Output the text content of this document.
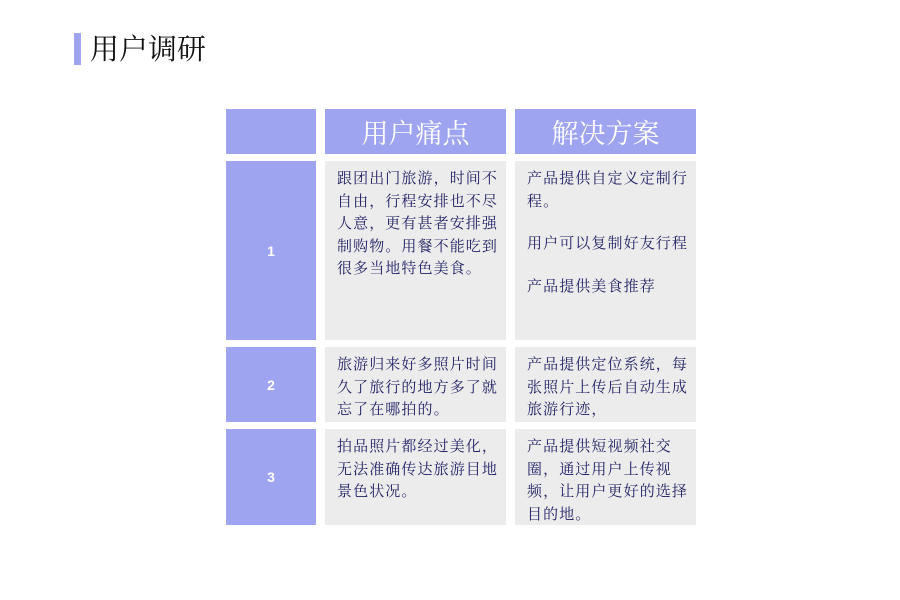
用户调研
用户痛点	解决方案
1

跟团出门旅游，时间不自由，行程安排也不尽人意，更有甚者安排强制购物。用餐不能吃到很多当地特色美食。

产品提供自定义定制行程。

用户可以复制好友行程

产品提供美食推荐

2

旅游归来好多照片时间久了旅行的地方多了就忘了在哪拍的。

产品提供定位系统，每张照片上传后自动生成旅游行迹，

3

拍品照片都经过美化，无法准确传达旅游目地景色状况。

产品提供短视频社交圈，通过用户上传视频，让用户更好的选择目的地。
